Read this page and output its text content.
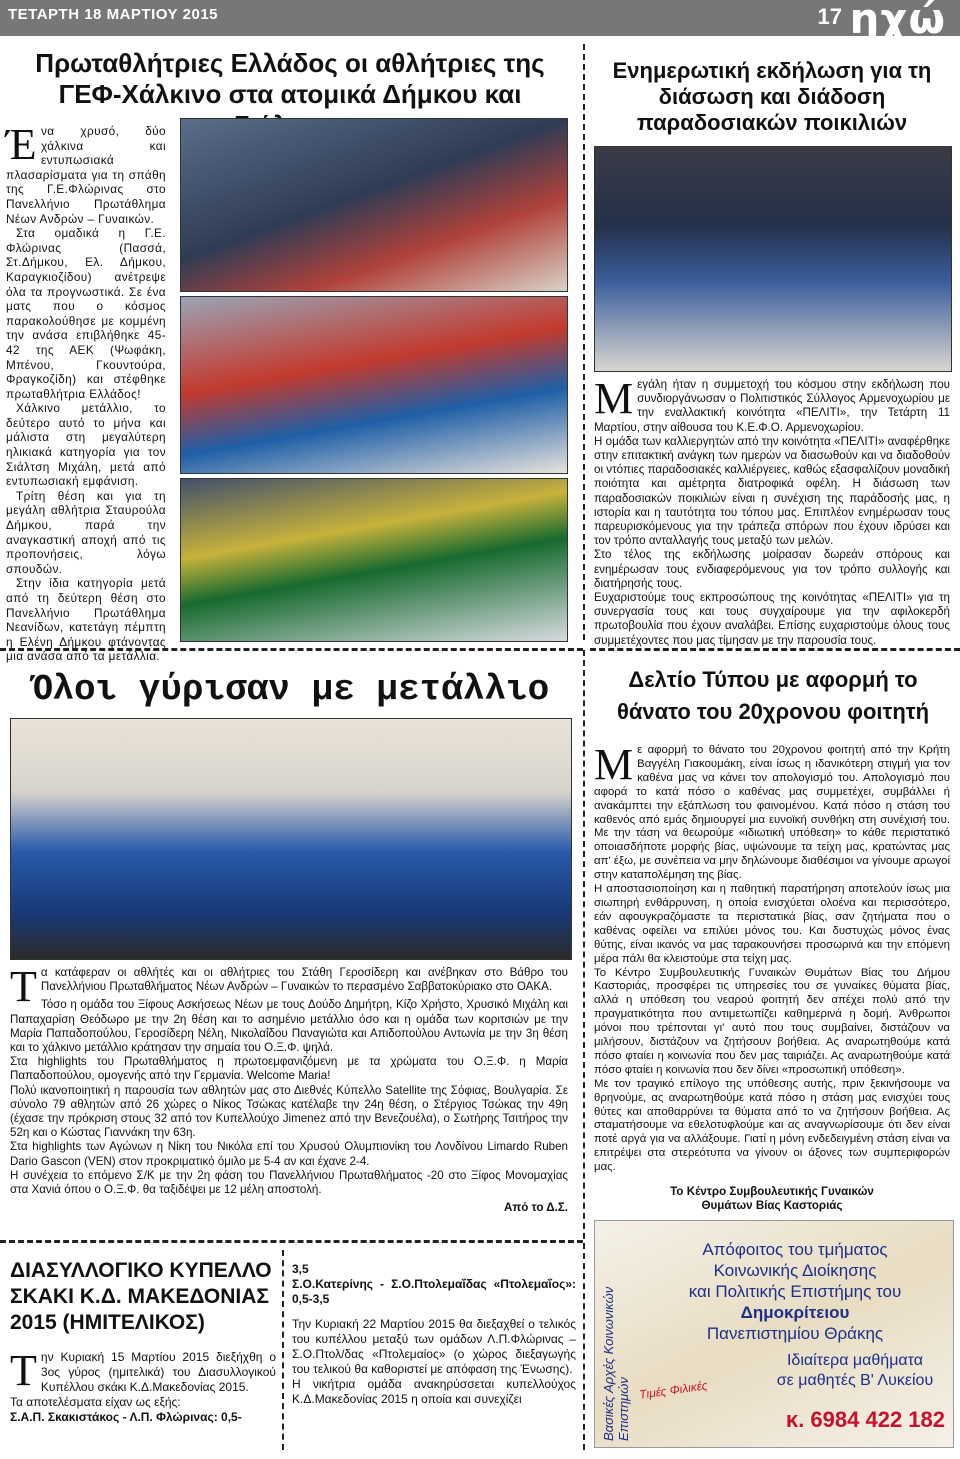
ΤΕΤΑΡΤΗ 18 ΜΑΡΤΙΟΥ 2015	17 ηχώ
Πρωταθλήτριες Ελλάδος οι αθλήτριες της ΓΕΦ-Χάλκινο στα ατομικά Δήμκου και
Έ να χρυσό, δύο χάλκινα και εντυπωσιακά πλασαρίσματα για τη σπάθη της Γ.Ε.Φλώρινας στο Πανελλήνιο Πρωτάθλημα Νέων Ανδρών – Γυναικών.

Στα ομαδικά η Γ.Ε. Φλώρινας (Πασσά, Στ.Δήμκου, Ελ. Δήμκου, Καραγκιοζίδου) ανέτρεψε όλα τα προγνωστικά. Σε ένα ματς που ο κόσμος παρακολούθησε με κομμένη την ανάσα επιβλήθηκε 45-42 της ΑΕΚ (Ψωφάκη, Μπένου, Γκουντούρα, Φραγκοζίδη) και στέφθηκε πρωταθλήτρια Ελλάδος!

Χάλκινο μετάλλιο, το δεύτερο αυτό το μήνα και μάλιστα στη μεγαλύτερη ηλικιακά κατηγορία για τον Σιάλτση Μιχάλη, μετά από εντυπωσιακή εμφάνιση.

Τρίτη θέση και για τη μεγάλη αθλήτρια Σταυρούλα Δήμκου, παρά την αναγκαστική αποχή από τις προπονήσεις, λόγω σπουδών.

Στην ίδια κατηγορία μετά από τη δεύτερη θέση στο Πανελλήνιο Πρωτάθλημα Νεανίδων, κατετάγη πέμπτη η Ελένη Δήμκου φτάνοντας μια ανάσα από τα μετάλλια.

Ενημερωτική εκδήλωση για τη διάσωση και διάδοση παραδοσιακών ποικιλιών
Μ εγάλη ήταν η συμμετοχή του κόσμου στην εκδήλωση που συνδιοργάνωσαν ο Πολιτιστικός Σύλλογος Αρμενοχωρίου με την εναλλακτική κοινότητα «ΠΕΛΙΤΙ», την Τετάρτη 11 Μαρτίου, στην αίθουσα του Κ.Ε.Φ.Ο. Αρμενοχωρίου.

Η ομάδα των καλλιεργητών από την κοινότητα «ΠΕΛΙΤΙ» αναφέρθηκε στην επιτακτική ανάγκη των ημερών να διασωθούν και να διαδοθούν οι ντόπιες παραδοσιακές καλλιέργειες, καθώς εξασφαλίζουν μοναδική ποιότητα και αμέτρητα διατροφικά οφέλη. Η διάσωση των παραδοσιακών ποικιλιών είναι η συνέχιση της παράδοσής μας, η ιστορία και η ταυτότητα του τόπου μας. Επιπλέον ενημέρωσαν τους παρευρισκόμενους για την τράπεζα σπόρων που έχουν ιδρύσει και τον τρόπο ανταλλαγής τους μεταξύ των μελών.

Στο τέλος της εκδήλωσης μοίρασαν δωρεάν σπόρους και ενημέρωσαν τους ενδιαφερόμενους για τον τρόπο συλλογής και διατήρησής τους.

Ευχαριστούμε τους εκπροσώπους της κοινότητας «ΠΕΛΙΤΙ» για τη συνεργασία τους και τους συγχαίρουμε για την αφιλοκερδή πρωτοβουλία που έχουν αναλάβει. Επίσης ευχαριστούμε όλους τους συμμετέχοντες που μας τίμησαν με την παρουσία τους.

Όλοι γύρισαν με μετάλλιο
Τ α κατάφεραν οι αθλήτές και οι αθλήτριες του Στάθη Γεροσίδερη και ανέβηκαν στο Βάθρο του Πανελλήνιου Πρωταθλήματος Νέων Ανδρών – Γυναικών το περασμένο Σαββατοκύριακο στο ΟΑΚΑ.

Τόσο η ομάδα του Ξίφους Ασκήσεως Νέων με τους Δούδο Δημήτρη, Κίζο Χρήστο, Χρυσικό Μιχάλη και Παπαχαρίση Θεόδωρο με την 2η θέση και το ασημένιο μετάλλιο όσο και η ομάδα των κοριτσιών με την Μαρία Παπαδοπούλου, Γεροσίδερη Νέλη, Νικολαΐδου Παναγιώτα και Απιδοπούλου Αντωνία με την 3η θέση και το χάλκινο μετάλλιο κράτησαν την σημαία του Ο.Ξ.Φ. ψηλά.

Στα highlights του Πρωταθλήματος η πρωτοεμφανιζόμενη με τα χρώματα του Ο.Ξ.Φ. η Μαρία Παπαδοπούλου, ομογενής από την Γερμανία. Welcome Maria!

Πολύ ικανοποιητική η παρουσία των αθλητών μας στο Διεθνές Κύπελλο Satellite της Σόφιας, Βουλγαρία. Σε σύνολο 79 αθλητών από 26 χώρες ο Νίκος Τσώκας κατέλαβε την 24η θέση, ο Στέργιος Τσώκας την 49η (έχασε την πρόκριση στους 32 από τον Κυπελλούχο Jimenez από την Βενεζουέλα), ο Σωτήρης Τσιτήρος την 52η και ο Κώστας Γιαννάκη την 63η.

Στα highlights των Αγώνων η Νίκη του Νικόλα επί του Χρυσού Ολυμπιονίκη του Λονδίνου Limardo Ruben Dario Gascon (VEN) στον προκριματικό όμιλο με 5-4 αν και έχανε 2-4.

Η συνέχεια το επόμενο Σ/Κ με την 2η φάση του Πανελλήνιου Πρωταθλήματος -20 στο Ξίφος Μονομαχίας στα Χανιά όπου ο Ο.Ξ.Φ. θα ταξιδέψει με 12 μέλη αποστολή.

Από το Δ.Σ.

Δελτίο Τύπου με αφορμή το θάνατο του 20χρονου φοιτητή
Μ ε αφορμή το θάνατο του 20χρονου φοιτητή από την Κρήτη Βαγγέλη Γιακουμάκη, είναι ίσως η ιδανικότερη στιγμή για τον καθένα μας να κάνει τον απολογισμό του. Απολογισμό που αφορά το κατά πόσο ο καθένας μας συμμετέχει, συμβάλλει ή ανακάμπτει την εξάπλωση του φαινομένου. Κατά πόσο η στάση του καθενός από εμάς δημιουργεί μια ευνοϊκή συνθήκη στη συνέχισή του. Με την τάση να θεωρούμε «ιδιωτική υπόθεση» το κάθε περιστατικό οποιασδήποτε μορφής βίας, υψώνουμε τα τείχη μας, κρατώντας μας απ' έξω, με συνέπεια να μην δηλώνουμε διαθέσιμοι να γίνουμε αρωγοί στην καταπολέμηση της βίας.

Η αποστασιοποίηση και η παθητική παρατήρηση αποτελούν ίσως μια σιωπηρή ενθάρρυνση, η οποία ενισχύεται ολοένα και περισσότερο, εάν αφουγκραζόμαστε τα περιστατικά βίας, σαν ζητήματα που ο καθένας οφείλει να επιλύει μόνος του. Και δυστυχώς μόνος ένας θύτης, είναι ικανός να μας ταρακουνήσει προσωρινά και την επόμενη μέρα πάλι θα κλειστούμε στα τείχη μας.

Το Κέντρο Συμβουλευτικής Γυναικών Θυμάτων Βίας του Δήμου Καστοριάς, προσφέρει τις υπηρεσίες του σε γυναίκες θύματα βίας, αλλά η υπόθεση του νεαρού φοιτητή δεν απέχει πολύ από την πραγματικότητα που αντιμετωπίζει καθημερινά η δομή. Άνθρωποι μόνοι που τρέπονται γι' αυτό που τους συμβαίνει, διστάζουν να μιλήσουν, διστάζουν να ζητήσουν βοήθεια. Ας αναρωτηθούμε κατά πόσο φταίει η κοινωνία που δεν μας ταιριάζει. Ας αναρωτηθούμε κατά πόσο φταίει η κοινωνία που δεν δίνει «προσωπική υπόθεση».

Με τον τραγικό επίλογο της υπόθεσης αυτής, πριν ξεκινήσουμε να θρηνούμε, ας αναρωτηθούμε κατά πόσο η στάση μας ενισχύει τους θύτες και αποθαρρύνει τα θύματα από το να ζητήσουν βοήθεια. Ας σταματήσουμε να εθελοτυφλούμε και ας αναγνωρίσουμε ότι δεν είναι ποτέ αργά για να αλλάξουμε. Γιατί η μόνη ενδεδειγμένη στάση είναι να επιτρέψει στα στερεότυπα να γίνουν οι άξονες των συμπεριφορών μας.

Το Κέντρο Συμβουλευτικής Γυναικών

Θυμάτων Βίας Καστοριάς

ΔΙΑΣΥΛΛΟΓΙΚΟ ΚΥΠΕΛΛΟ ΣΚΑΚΙ Κ.Δ. ΜΑΚΕΔΟΝΙΑΣ 2015 (ΗΜΙΤΕΛΙΚΟΣ)
Τ ην Κυριακή 15 Μαρτίου 2015 διεξήχθη ο 3ος γύρος (ημιτελικά) του Διασυλλογικού Κυπέλλου σκάκι Κ.Δ.Μακεδονίας 2015.

Τα αποτελέσματα είχαν ως εξής:

Σ.Α.Π. Σκακιστάκος - Λ.Π. Φλώρινας: 0,5-

3,5

Σ.Ο.Κατερίνης - Σ.Ο.Πτολεμαΐδας «Πτολεμαΐος»: 0,5-3,5

Την Κυριακή 22 Μαρτίου 2015 θα διεξαχθεί ο τελικός του κυπέλλου μεταξύ των ομάδων Λ.Π.Φλώρινας – Σ.Ο.Πτολ/δας «Πτολεμαίος» (ο χώρος διεξαγωγής του τελικού θα καθοριστεί με απόφαση της Ένωσης).

Η νικήτρια ομάδα ανακηρύσσεται κυπελλούχος Κ.Δ.Μακεδονίας 2015 η οποία και συνεχίζει	Βασικές Αρχές Κοινωνικών Επιστημών
Απόφοιτος του τμήματος
Κοινωνικής Διοίκησης
και Πολιτικής Επιστήμης του
Δημοκρίτειου
Πανεπιστημίου Θράκης
Ιδιαίτερα μαθήματα
σε μαθητές Β' Λυκείου
Τιμές Φιλικές
κ. 6984 422 182
